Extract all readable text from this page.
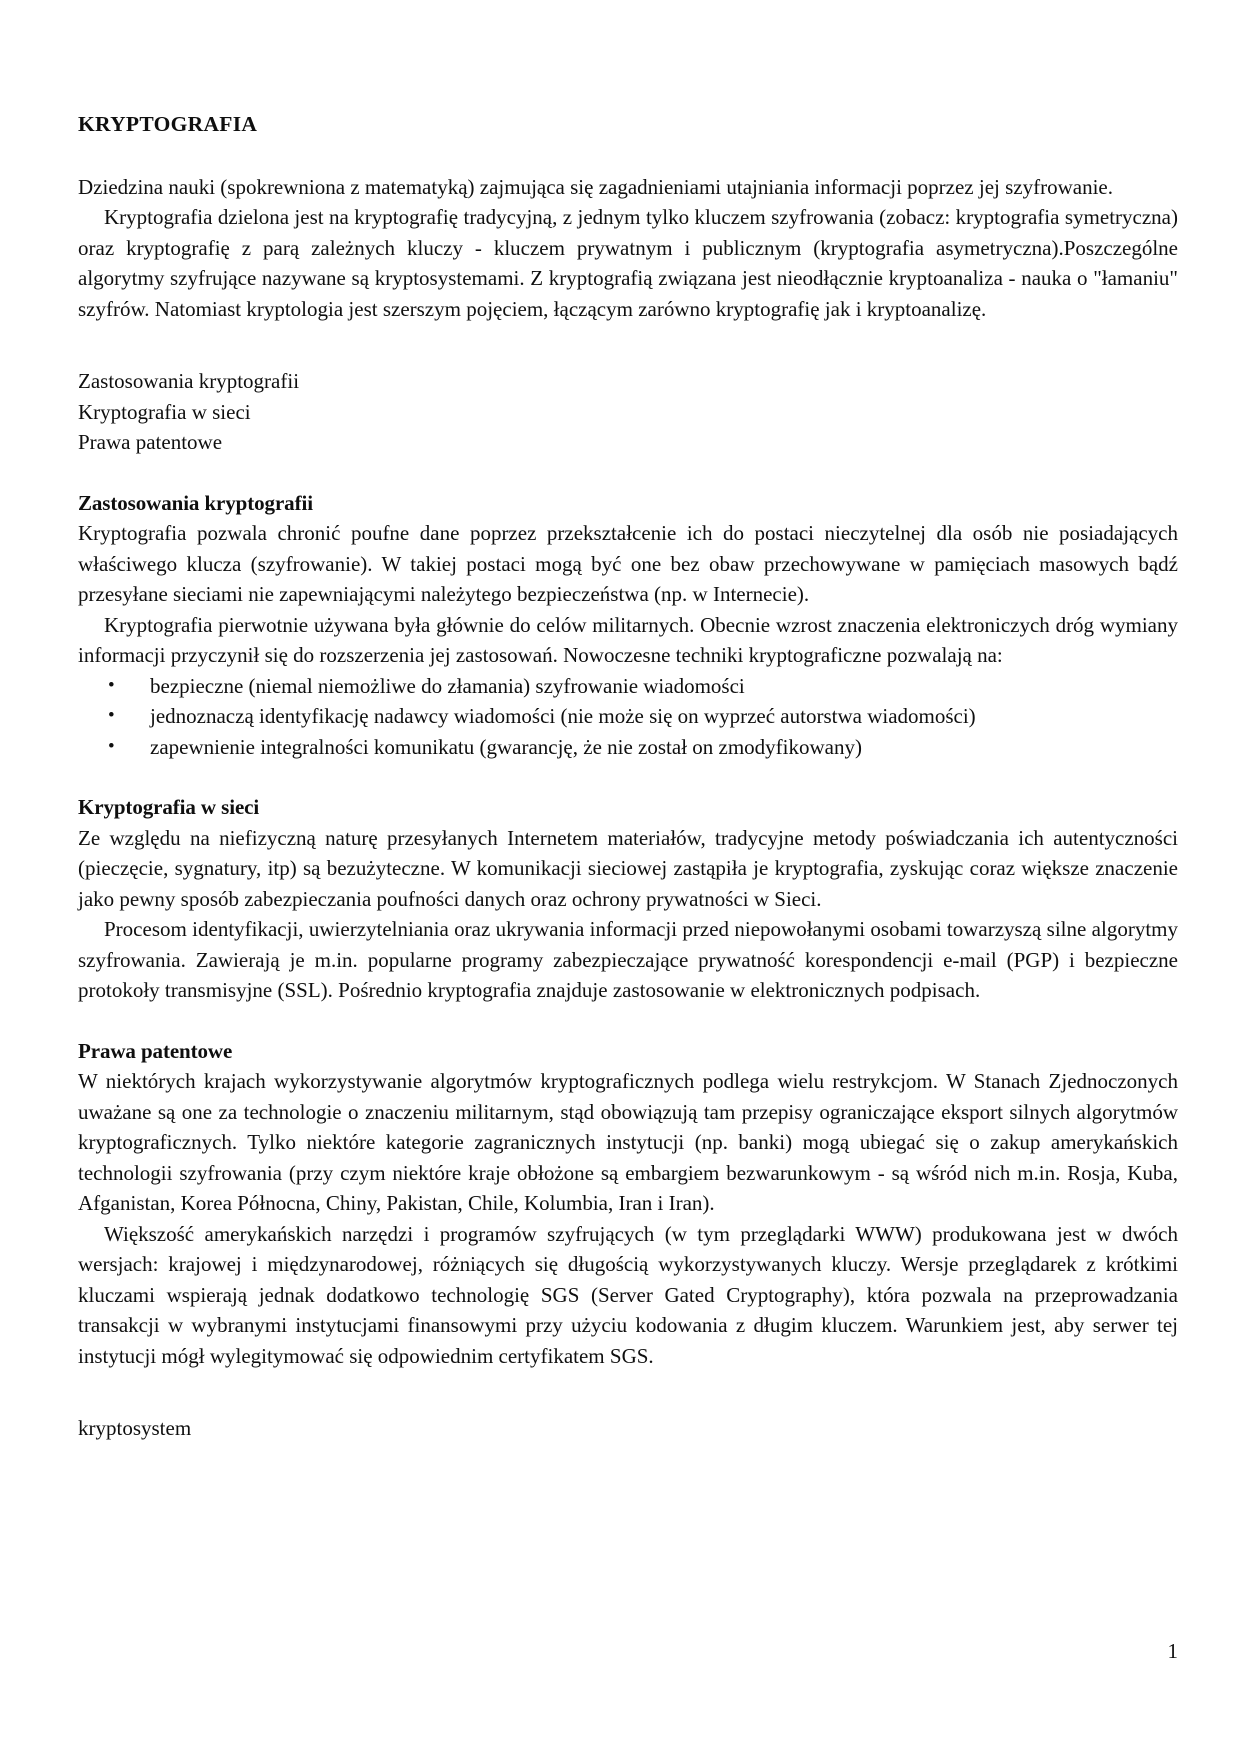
KRYPTOGRAFIA

Dziedzina nauki (spokrewniona z matematyką) zajmująca się zagadnieniami utajniania informacji poprzez jej szyfrowanie.

Kryptografia dzielona jest na kryptografię tradycyjną, z jednym tylko kluczem szyfrowania (zobacz: kryptografia symetryczna) oraz kryptografię z parą zależnych kluczy - kluczem prywatnym i publicznym (kryptografia asymetryczna).Poszczególne algorytmy szyfrujące nazywane są kryptosystemami. Z kryptografią związana jest nieodłącznie kryptoanaliza - nauka o "łamaniu" szyfrów. Natomiast kryptologia jest szerszym pojęciem, łączącym zarówno kryptografię jak i kryptoanalizę.

Zastosowania kryptografii
Kryptografia w sieci
Prawa patentowe
Zastosowania kryptografii

Kryptografia pozwala chronić poufne dane poprzez przekształcenie ich do postaci nieczytelnej dla osób nie posiadających właściwego klucza (szyfrowanie). W takiej postaci mogą być one bez obaw przechowywane w pamięciach masowych bądź przesyłane sieciami nie zapewniającymi należytego bezpieczeństwa (np. w Internecie).

Kryptografia pierwotnie używana była głównie do celów militarnych. Obecnie wzrost znaczenia elektroniczych dróg wymiany informacji przyczynił się do rozszerzenia jej zastosowań. Nowoczesne techniki kryptograficzne pozwalają na:

• bezpieczne (niemal niemożliwe do złamania) szyfrowanie wiadomości
• jednoznaczą identyfikację nadawcy wiadomości (nie może się on wyprzeć autorstwa wiadomości)
• zapewnienie integralności komunikatu (gwarancję, że nie został on zmodyfikowany)
Kryptografia w sieci

Ze względu na niefizyczną naturę przesyłanych Internetem materiałów, tradycyjne metody poświadczania ich autentyczności (pieczęcie, sygnatury, itp) są bezużyteczne. W komunikacji sieciowej zastąpiła je kryptografia, zyskując coraz większe znaczenie jako pewny sposób zabezpieczania poufności danych oraz ochrony prywatności w Sieci.

Procesom identyfikacji, uwierzytelniania oraz ukrywania informacji przed niepowołanymi osobami towarzyszą silne algorytmy szyfrowania. Zawierają je m.in. popularne programy zabezpieczające prywatność korespondencji e-mail (PGP) i bezpieczne protokoły transmisyjne (SSL). Pośrednio kryptografia znajduje zastosowanie w elektronicznych podpisach.

Prawa patentowe

W niektórych krajach wykorzystywanie algorytmów kryptograficznych podlega wielu restrykcjom. W Stanach Zjednoczonych uważane są one za technologie o znaczeniu militarnym, stąd obowiązują tam przepisy ograniczające eksport silnych algorytmów kryptograficznych. Tylko niektóre kategorie zagranicznych instytucji (np. banki) mogą ubiegać się o zakup amerykańskich technologii szyfrowania (przy czym niektóre kraje obłożone są embargiem bezwarunkowym - są wśród nich m.in. Rosja, Kuba, Afganistan, Korea Północna, Chiny, Pakistan, Chile, Kolumbia, Iran i Iran).

Większość amerykańskich narzędzi i programów szyfrujących (w tym przeglądarki WWW) produkowana jest w dwóch wersjach: krajowej i międzynarodowej, różniących się długością wykorzystywanych kluczy. Wersje przeglądarek z krótkimi kluczami wspierają jednak dodatkowo technologię SGS (Server Gated Cryptography), która pozwala na przeprowadzania transakcji w wybranymi instytucjami finansowymi przy użyciu kodowania z długim kluczem. Warunkiem jest, aby serwer tej instytucji mógł wylegitymować się odpowiednim certyfikatem SGS.

kryptosystem

1
